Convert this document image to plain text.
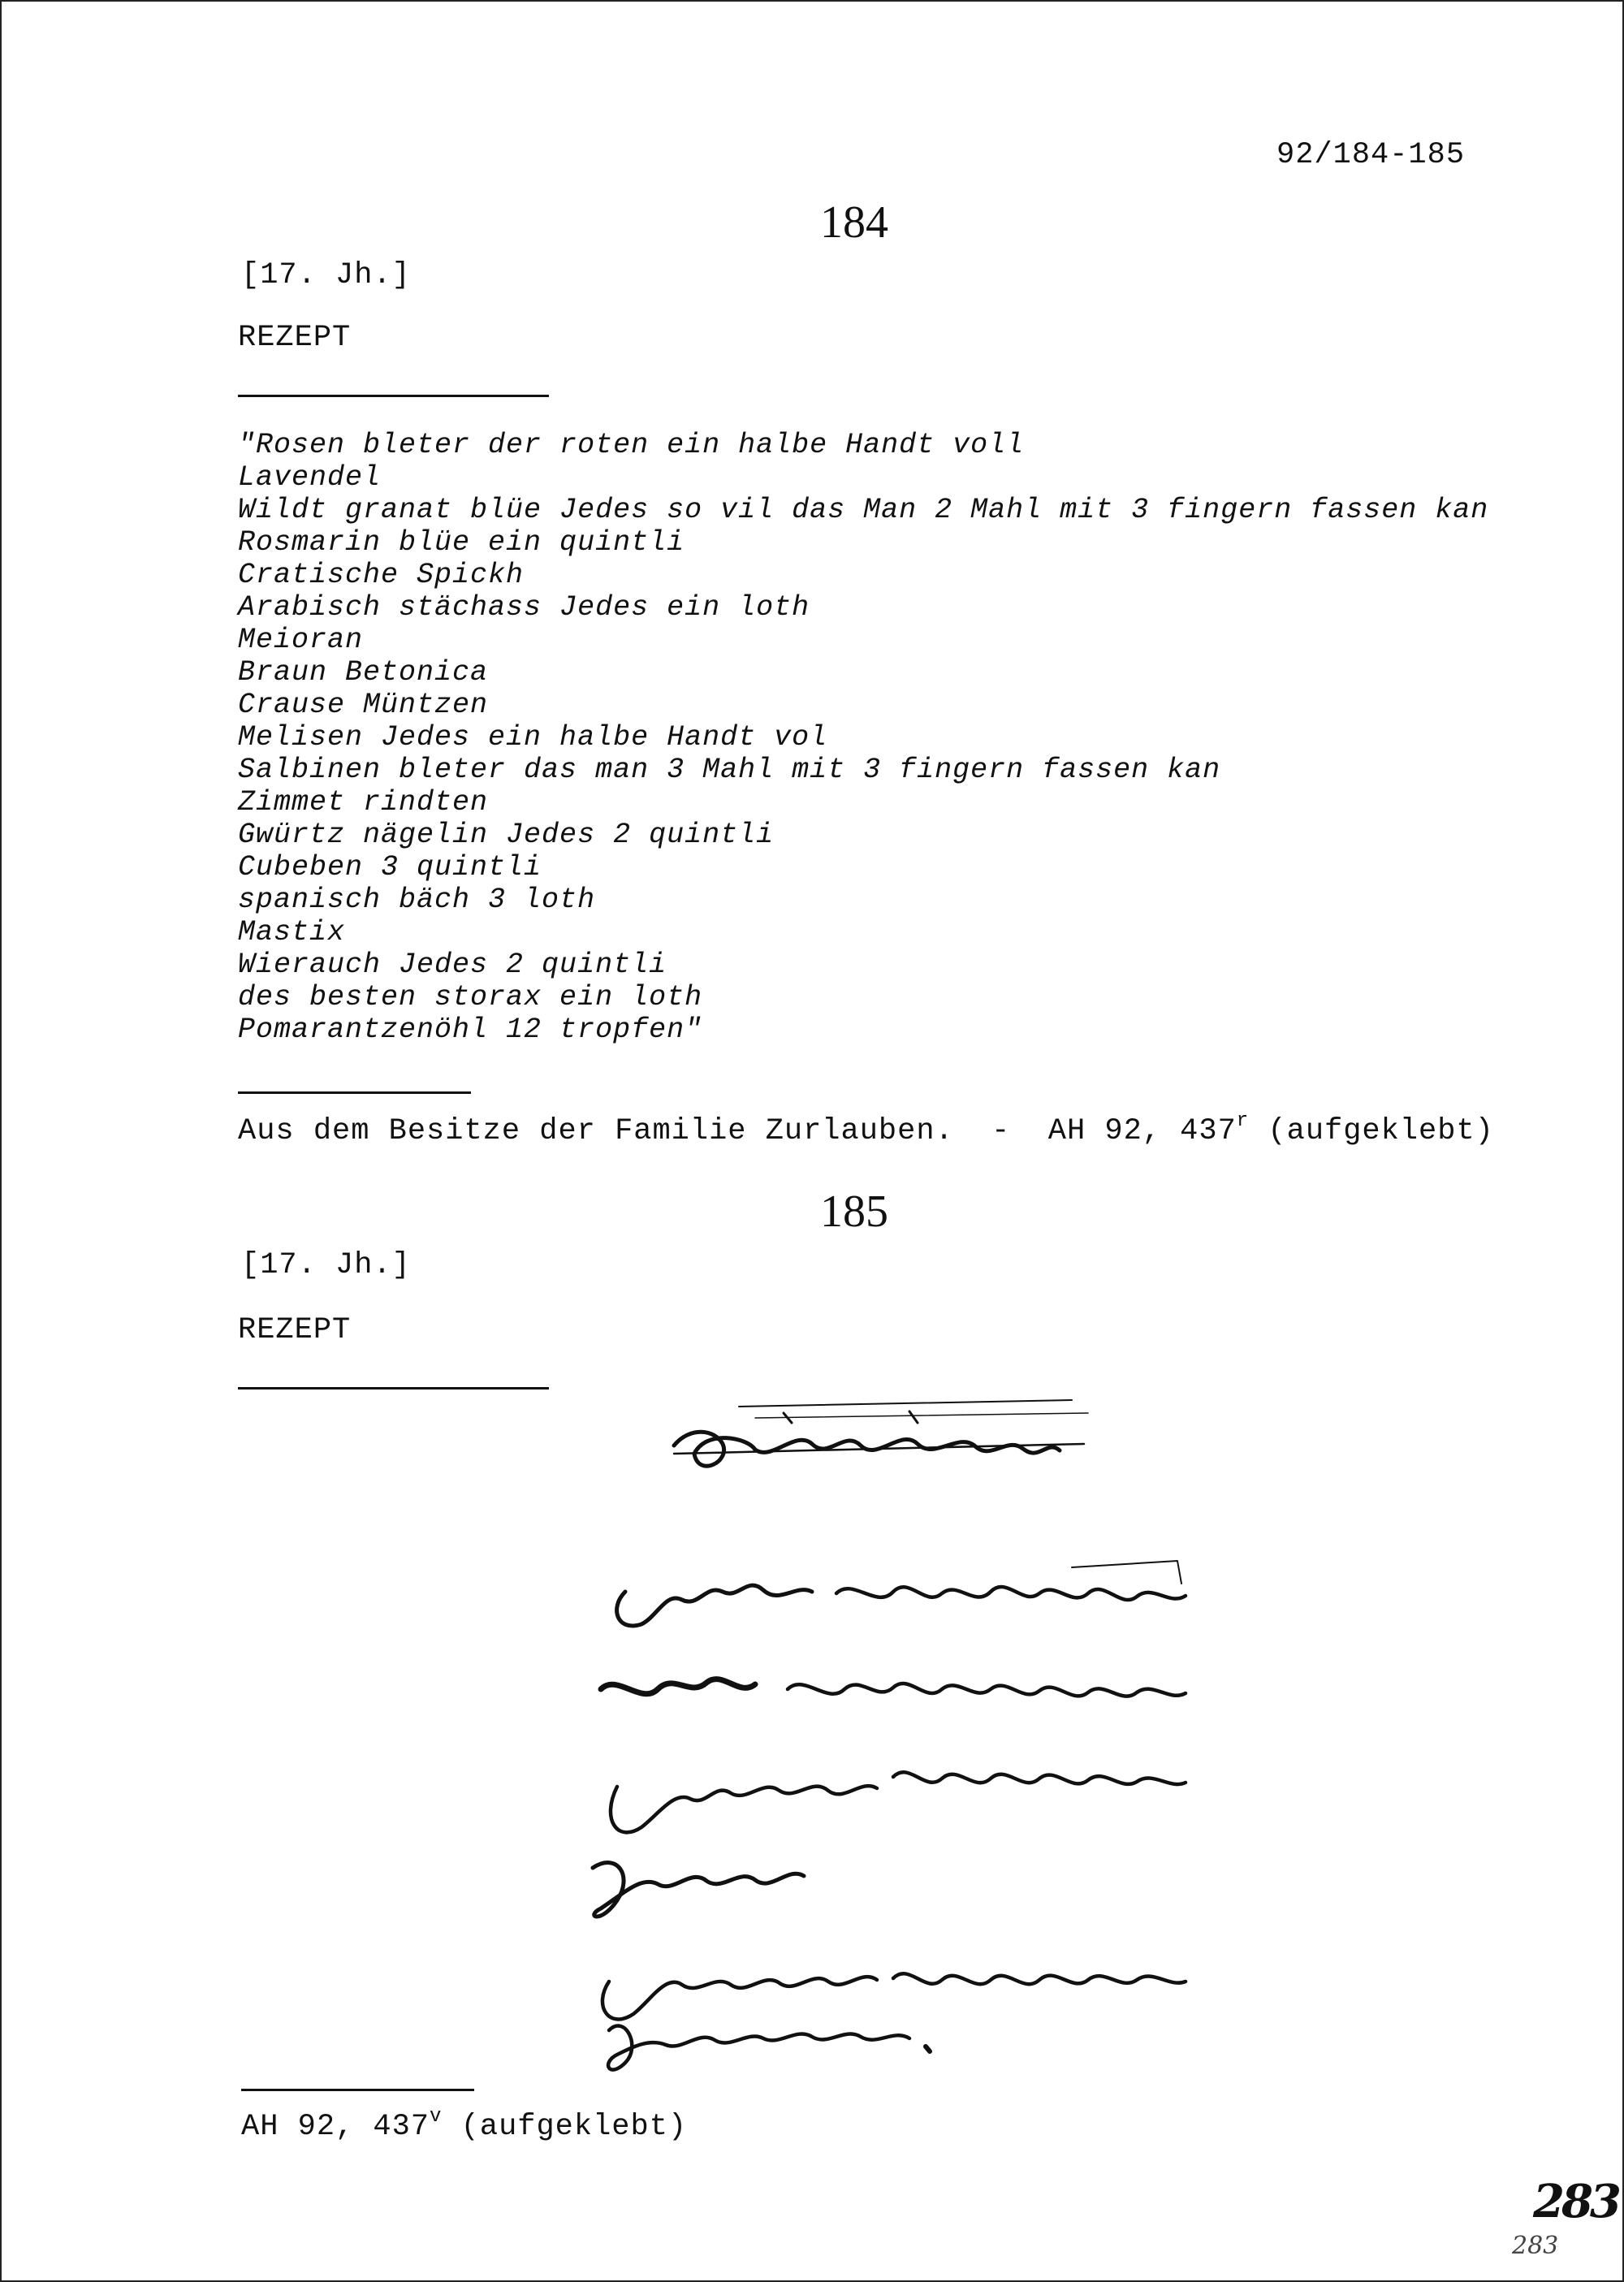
92/184-185
184
[17. Jh.]
REZEPT
"Rosen bleter der roten ein halbe Handt voll
Lavendel
Wildt granat blüe Jedes so vil das Man 2 Mahl mit 3 fingern fassen kan
Rosmarin blüe ein quintli
Cratische Spickh
Arabisch stächass Jedes ein loth
Meioran
Braun Betonica
Crause Müntzen
Melisen Jedes ein halbe Handt vol
Salbinen bleter das man 3 Mahl mit 3 fingern fassen kan
Zimmet rindten
Gwürtz nägelin Jedes 2 quintli
Cubeben 3 quintli
spanisch bäch 3 loth
Mastix
Wierauch Jedes 2 quintli
des besten storax ein loth
Pomarantzenöhl 12 tropfen"
Aus dem Besitze der Familie Zurlauben.  -  AH 92, 437$^r$ (aufgeklebt)
185
[17. Jh.]
REZEPT
AH 92, 437$^v$ (aufgeklebt)
283
283
